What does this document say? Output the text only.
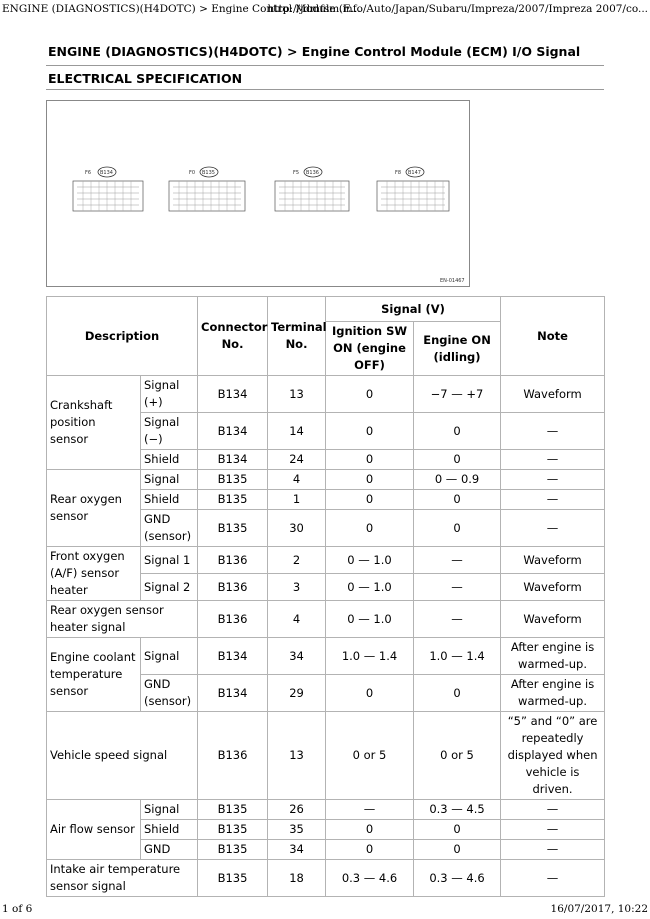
ENGINE (DIAGNOSTICS)(H4DOTC) > Engine Control Module (E...
http://jdmfsm.info/Auto/Japan/Subaru/Impreza/2007/Impreza 2007/co...
ENGINE (DIAGNOSTICS)(H4DOTC) > Engine Control Module (ECM) I/O Signal
ELECTRICAL SPECIFICATION
F6 B134	F0 B135	F5 B136	F8 B147
EN-01467
Description		Connector No.	Terminal No.	Signal (V)		Note
				Ignition SW ON (engine OFF)	Engine ON (idling)	
Crankshaft position sensor	Signal (+)	B134	13	0	−7 — +7	Waveform
	Signal (−)	B134	14	0	0	—
	Shield	B134	24	0	0	—
Rear oxygen sensor	Signal	B135	4	0	0 — 0.9	—
	Shield	B135	1	0	0	—
	GND (sensor)	B135	30	0	0	—
Front oxygen (A/F) sensor heater	Signal 1	B136	2	0 — 1.0	—	Waveform
	Signal 2	B136	3	0 — 1.0	—	Waveform
Rear oxygen sensor heater signal		B136	4	0 — 1.0	—	Waveform
Engine coolant temperature sensor	Signal	B134	34	1.0 — 1.4	1.0 — 1.4	After engine is warmed-up.
	GND (sensor)	B134	29	0	0	After engine is warmed-up.
Vehicle speed signal		B136	13	0 or 5	0 or 5	“5” and “0” are repeatedly displayed when vehicle is driven.
Air flow sensor	Signal	B135	26	—	0.3 — 4.5	—
	Shield	B135	35	0	0	—
	GND	B135	34	0	0	—
Intake air temperature sensor signal		B135	18	0.3 — 4.6	0.3 — 4.6	—
1 of 6	16/07/2017, 10:22
